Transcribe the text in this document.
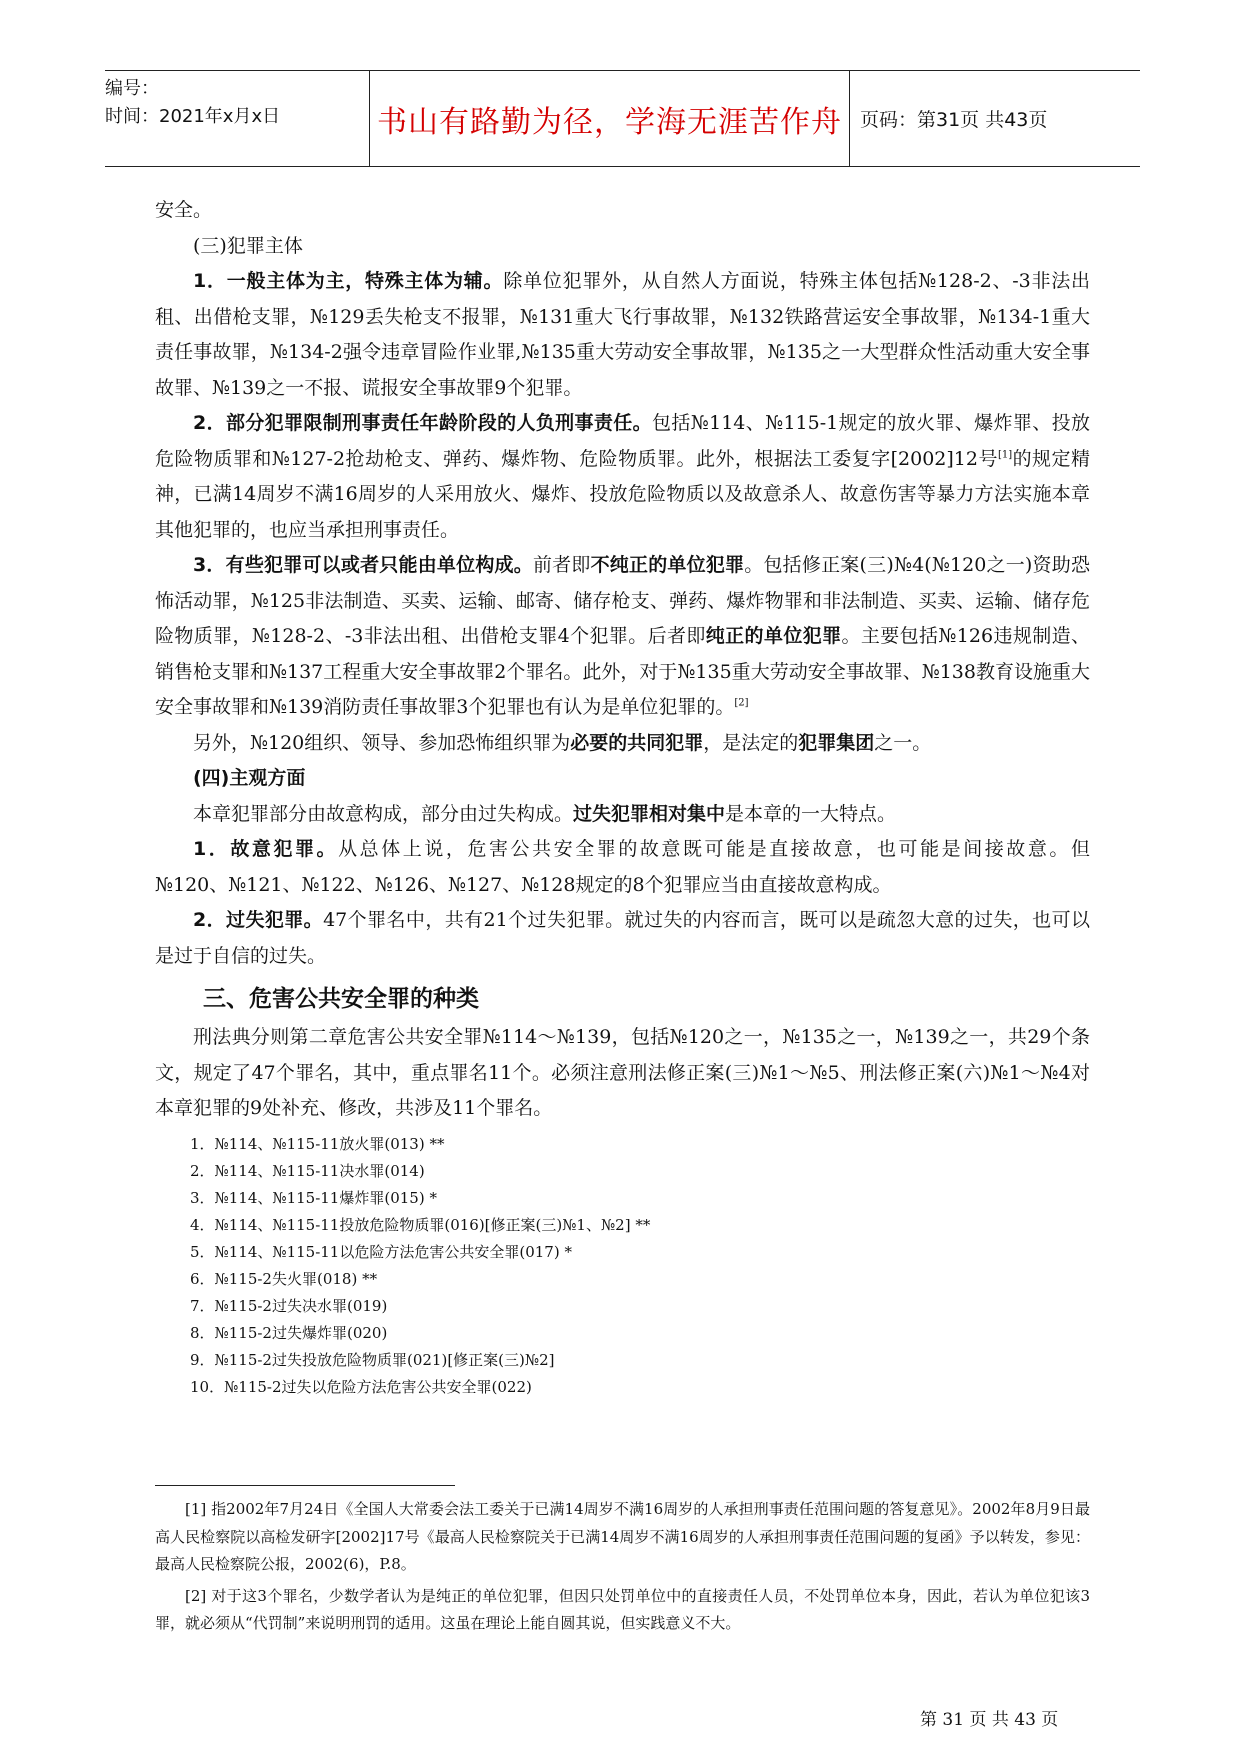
编号：
时间：2021年x月x日	书山有路勤为径，学海无涯苦作舟 页码：第31页 共43页

安全。

(三)犯罪主体

1．一般主体为主，特殊主体为辅。除单位犯罪外，从自然人方面说，特殊主体包括№128-2、-3非法出租、出借枪支罪，№129丢失枪支不报罪，№131重大飞行事故罪，№132铁路营运安全事故罪，№134-1重大责任事故罪，№134-2强令违章冒险作业罪,№135重大劳动安全事故罪，№135之一大型群众性活动重大安全事故罪、№139之一不报、谎报安全事故罪9个犯罪。

2．部分犯罪限制刑事责任年龄阶段的人负刑事责任。包括№114、№115-1规定的放火罪、爆炸罪、投放危险物质罪和№127-2抢劫枪支、弹药、爆炸物、危险物质罪。此外，根据法工委复字[2002]12号[1]的规定精神，已满14周岁不满16周岁的人采用放火、爆炸、投放危险物质以及故意杀人、故意伤害等暴力方法实施本章其他犯罪的，也应当承担刑事责任。

3．有些犯罪可以或者只能由单位构成。前者即不纯正的单位犯罪。包括修正案(三)№4(№120之一)资助恐怖活动罪，№125非法制造、买卖、运输、邮寄、储存枪支、弹药、爆炸物罪和非法制造、买卖、运输、储存危险物质罪，№128-2、-3非法出租、出借枪支罪4个犯罪。后者即纯正的单位犯罪。主要包括№126违规制造、销售枪支罪和№137工程重大安全事故罪2个罪名。此外，对于№135重大劳动安全事故罪、№138教育设施重大安全事故罪和№139消防责任事故罪3个犯罪也有认为是单位犯罪的。[2]

另外，№120组织、领导、参加恐怖组织罪为必要的共同犯罪，是法定的犯罪集团之一。

(四)主观方面

本章犯罪部分由故意构成，部分由过失构成。过失犯罪相对集中是本章的一大特点。

1．故意犯罪。从总体上说，危害公共安全罪的故意既可能是直接故意，也可能是间接故意。但№120、№121、№122、№126、№127、№128规定的8个犯罪应当由直接故意构成。

2．过失犯罪。47个罪名中，共有21个过失犯罪。就过失的内容而言，既可以是疏忽大意的过失，也可以是过于自信的过失。

三、危害公共安全罪的种类

刑法典分则第二章危害公共安全罪№114～№139，包括№120之一，№135之一，№139之一，共29个条文，规定了47个罪名，其中，重点罪名11个。必须注意刑法修正案(三)№1～№5、刑法修正案(六)№1～№4对本章犯罪的9处补充、修改，共涉及11个罪名。

1．№114、№115-11放火罪(013) **
2．№114、№115-11决水罪(014)
3．№114、№115-11爆炸罪(015) *
4．№114、№115-11投放危险物质罪(016)[修正案(三)№1、№2] **
5．№114、№115-11以危险方法危害公共安全罪(017) *
6．№115-2失火罪(018) **
7．№115-2过失决水罪(019)
8．№115-2过失爆炸罪(020)
9．№115-2过失投放危险物质罪(021)[修正案(三)№2]
10．№115-2过失以危险方法危害公共安全罪(022)

[1] 指2002年7月24日《全国人大常委会法工委关于已满14周岁不满16周岁的人承担刑事责任范围问题的答复意见》。2002年8月9日最高人民检察院以高检发研字[2002]17号《最高人民检察院关于已满14周岁不满16周岁的人承担刑事责任范围问题的复函》予以转发，参见：最高人民检察院公报，2002(6)，P.8。

[2] 对于这3个罪名，少数学者认为是纯正的单位犯罪，但因只处罚单位中的直接责任人员，不处罚单位本身，因此，若认为单位犯该3罪，就必须从“代罚制”来说明刑罚的适用。这虽在理论上能自圆其说，但实践意义不大。

第 31 页 共 43 页
